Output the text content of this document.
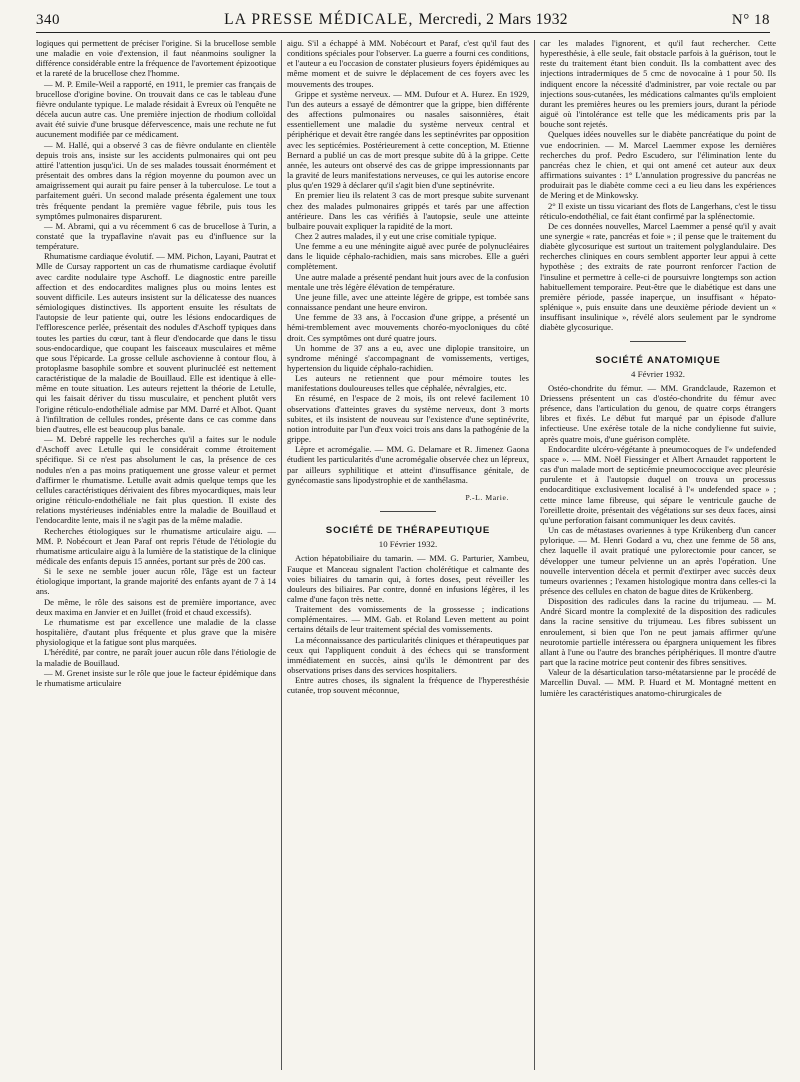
340	LA PRESSE MÉDICALE, Mercredi, 2 Mars 1932	N° 18

logiques qui permettent de préciser l'origine. Si la brucellose semble une maladie en voie d'extension, il faut néanmoins souligner la différence considérable entre la fréquence de l'avortement épizootique et la rareté de la brucellose chez l'homme.

— M. P. Emile-Weil a rapporté, en 1911, le premier cas français de brucellose d'origine bovine. On trouvait dans ce cas le tableau d'une fièvre ondulante typique. Le malade résidait à Evreux où l'enquête ne décela aucun autre cas. Une première injection de rhodium colloïdal avait été suivie d'une brusque défervescence, mais une rechute ne fut aucunement modifiée par ce médicament.

— M. Hallé, qui a observé 3 cas de fièvre ondulante en clientèle depuis trois ans, insiste sur les accidents pulmonaires qui ont peu attiré l'attention jusqu'ici. Un de ses malades toussait énormément et présentait des ombres dans la région moyenne du poumon avec un amaigrissement qui aurait pu faire penser à la tuberculose. Le tout a parfaitement guéri. Un second malade présenta également une toux très fréquente pendant la première vague fébrile, puis tous les symptômes pulmonaires disparurent.

— M. Abrami, qui a vu récemment 6 cas de brucellose à Turin, a constaté que la trypaflavine n'avait pas eu d'influence sur la température.

Rhumatisme cardiaque évolutif. — MM. Pichon, Layani, Pautrat et Mlle de Cursay rapportent un cas de rhumatisme cardiaque évolutif avec cardite nodulaire type Aschoff. Le diagnostic entre pareille affection et des endocardites malignes plus ou moins lentes est souvent difficile. Les auteurs insistent sur la délicatesse des nuances sémiologiques distinctives. Ils apportent ensuite les résultats de l'autopsie de leur patiente qui, outre les lésions endocardiques de l'efflorescence perlée, présentait des nodules d'Aschoff typiques dans toutes les parties du cœur, tant à fleur d'endocarde que dans le tissu sous-endocardique, que coupant les faisceaux musculaires et même que sous l'épicarde. La grosse cellule aschovienne à contour flou, à protoplasme basophile sombre et souvent plurinucléé est nettement caractéristique de la maladie de Bouillaud. Elle est identique à elle-même en toute situation. Les auteurs rejettent la théorie de Letulle, qui les faisait dériver du tissu musculaire, et penchent plutôt vers l'origine réticulo-endothéliale admise par MM. Darré et Albot. Quant à l'infiltration de cellules rondes, présente dans ce cas comme dans bien d'autres, elle est beaucoup plus banale.

— M. Debré rappelle les recherches qu'il a faites sur le nodule d'Aschoff avec Letulle qui le considérait comme étroitement spécifique. Si ce n'est pas absolument le cas, la présence de ces nodules n'en a pas moins pratiquement une grosse valeur et permet d'affirmer le rhumatisme. Letulle avait admis quelque temps que les cellules caractéristiques dérivaient des fibres myocardiques, mais leur origine réticulo-endothéliale ne fait plus question. Il existe des relations mystérieuses indéniables entre la maladie de Bouillaud et l'endocardite lente, mais il ne s'agit pas de la même maladie.

Recherches étiologiques sur le rhumatisme articulaire aigu. — MM. P. Nobécourt et Jean Paraf ont repris l'étude de l'étiologie du rhumatisme articulaire aigu à la lumière de la statistique de la clinique médicale des enfants depuis 15 années, portant sur près de 200 cas.

Si le sexe ne semble jouer aucun rôle, l'âge est un facteur étiologique important, la grande majorité des enfants ayant de 7 à 14 ans.

De même, le rôle des saisons est de première importance, avec deux maxima en Janvier et en Juillet (froid et chaud excessifs).

Le rhumatisme est par excellence une maladie de la classe hospitalière, d'autant plus fréquente et plus grave que la misère physiologique et la fatigue sont plus marquées.

L'hérédité, par contre, ne paraît jouer aucun rôle dans l'étiologie de la maladie de Bouillaud.

— M. Grenet insiste sur le rôle que joue le facteur épidémique dans le rhumatisme articulaire

aigu. S'il a échappé à MM. Nobécourt et Paraf, c'est qu'il faut des conditions spéciales pour l'observer. La guerre a fourni ces conditions, et l'auteur a eu l'occasion de constater plusieurs foyers épidémiques au même moment et de suivre le déplacement de ces foyers avec les mouvements des troupes.

Grippe et système nerveux. — MM. Dufour et A. Hurez. En 1929, l'un des auteurs a essayé de démontrer que la grippe, bien différente des affections pulmonaires ou nasales saisonnières, était essentiellement une maladie du système nerveux central et périphérique et devait être rangée dans les septinévrites par opposition avec les septicémies. Postérieurement à cette conception, M. Etienne Bernard a publié un cas de mort presque subite dû à la grippe. Cette année, les auteurs ont observé des cas de grippe impressionnants par la gravité de leurs manifestations nerveuses, ce qui les autorise encore plus qu'en 1929 à déclarer qu'il s'agit bien d'une septinévrite.

En premier lieu ils relatent 3 cas de mort presque subite survenant chez des malades pulmonaires grippés et tarés par une affection antérieure. Dans les cas vérifiés à l'autopsie, seule une atteinte bulbaire pouvait expliquer la rapidité de la mort.

Chez 2 autres malades, il y eut une crise comitiale typique.

Une femme a eu une méningite aiguë avec purée de polynucléaires dans le liquide céphalo-rachidien, mais sans microbes. Elle a guéri complètement.

Une autre malade a présenté pendant huit jours avec de la confusion mentale une très légère élévation de température.

Une jeune fille, avec une atteinte légère de grippe, est tombée sans connaissance pendant une heure environ.

Une femme de 33 ans, à l'occasion d'une grippe, a présenté un hémi-tremblement avec mouvements choréo-myocloniques du côté droit. Ces symptômes ont duré quatre jours.

Un homme de 37 ans a eu, avec une diplopie transitoire, un syndrome méningé s'accompagnant de vomissements, vertiges, hypertension du liquide céphalo-rachidien.

Les auteurs ne retiennent que pour mémoire toutes les manifestations douloureuses telles que céphalée, névralgies, etc.

En résumé, en l'espace de 2 mois, ils ont relevé facilement 10 observations d'atteintes graves du système nerveux, dont 3 morts subites, et ils insistent de nouveau sur l'existence d'une septinévrite, notion introduite par l'un d'eux voici trois ans dans la pathogénie de la grippe.

Lèpre et acromégalie. — MM. G. Delamare et R. Jimenez Gaona étudient les particularités d'une acromégalie observée chez un lépreux, par ailleurs syphilitique et atteint d'insuffisance génitale, de gynécomastie sans lipodystrophie et de xanthélasma.

P.-L. Marie.
SOCIÉTÉ DE THÉRAPEUTIQUE
10 Février 1932.

Action hépatobiliaire du tamarin. — MM. G. Parturier, Xambeu, Fauque et Manceau signalent l'action cholérétique et calmante des voies biliaires du tamarin qui, à fortes doses, peut réveiller les douleurs des biliaires. Par contre, donné en infusions légères, il les calme d'une façon très nette.

Traitement des vomissements de la grossesse ; indications complémentaires. — MM. Gab. et Roland Leven mettent au point certains détails de leur traitement spécial des vomissements.

La méconnaissance des particularités cliniques et thérapeutiques par ceux qui l'appliquent conduit à des échecs qui se transforment immédiatement en succès, ainsi qu'ils le démontrent par des observations prises dans des services hospitaliers.

Entre autres choses, ils signalent la fréquence de l'hyperesthésie cutanée, trop souvent méconnue,

car les malades l'ignorent, et qu'il faut rechercher. Cette hyperesthésie, à elle seule, fait obstacle parfois à la guérison, tout le reste du traitement étant bien conduit. Ils la combattent avec des injections intradermiques de 5 cmc de novocaïne à 1 pour 50. Ils indiquent encore la nécessité d'administrer, par voie rectale ou par injections sous-cutanées, les médications calmantes qu'ils emploient durant les premières heures ou les premiers jours, durant la période aiguë où l'intolérance est telle que les médicaments pris par la bouche sont rejetés.

Quelques idées nouvelles sur le diabète pancréatique du point de vue endocrinien. — M. Marcel Laemmer expose les dernières recherches du prof. Pedro Escudero, sur l'élimination lente du pancréas chez le chien, et qui ont amené cet auteur aux deux affirmations suivantes : 1° L'annulation progressive du pancréas ne produirait pas le diabète comme ceci a eu lieu dans les expériences de Mering et de Minkowsky.

2° Il existe un tissu vicariant des flots de Langerhans, c'est le tissu réticulo-endothélial, ce fait étant confirmé par la splénectomie.

De ces données nouvelles, Marcel Laemmer a pensé qu'il y avait une synergie « rate, pancréas et foie » ; il pense que le traitement du diabète glycosurique est surtout un traitement polyglandulaire. Des recherches cliniques en cours semblent apporter leur appui à cette hypothèse ; des extraits de rate pourront renforcer l'action de l'insuline et permettre à celle-ci de poursuivre longtemps son action habituellement temporaire. Peut-être que le diabétique est dans une première période, passée inaperçue, un insuffisant « hépato-splénique », puis ensuite dans une deuxième période devient un « insuffisant insulinique », révélé alors seulement par le syndrome diabète glycosurique.

SOCIÉTÉ ANATOMIQUE
4 Février 1932.

Ostéo-chondrite du fémur. — MM. Grandclaude, Razemon et Driessens présentent un cas d'ostéo-chondrite du fémur avec présence, dans l'articulation du genou, de quatre corps étrangers libres et fixés. Le début fut marqué par un épisode d'allure infectieuse. Une exérèse totale de la niche condylienne fut suivie, après quatre mois, d'une guérison complète.

Endocardite ulcéro-végétante à pneumocoques de l'« undefended space ». — MM. Noël Fiessinger et Albert Arnaudet rapportent le cas d'un malade mort de septicémie pneumococcique avec pleurésie purulente et à l'autopsie duquel on trouva un processus endocarditique exclusivement localisé à l'« undefended space » ; cette mince lame fibreuse, qui sépare le ventricule gauche de l'oreillette droite, présentait des végétations sur ses deux faces, ainsi qu'une perforation faisant communiquer les deux cavités.

Un cas de métastases ovariennes à type Krükenberg d'un cancer pylorique. — M. Henri Godard a vu, chez une femme de 58 ans, chez laquelle il avait pratiqué une pylorectomie pour cancer, se développer une tumeur pelvienne un an après l'opération. Une nouvelle intervention décela et permit d'extirper avec succès deux tumeurs ovariennes ; l'examen histologique montra dans celles-ci la présence des cellules en chaton de bague dites de Krükenberg.

Disposition des radicules dans la racine du trijumeau. — M. André Sicard montre la complexité de la disposition des radicules dans la racine sensitive du trijumeau. Les fibres subissent un enroulement, si bien que l'on ne peut jamais affirmer qu'une neurotomie partielle intéressera ou épargnera uniquement les fibres allant à l'une ou l'autre des branches périphériques. Il montre d'autre part que la racine motrice peut contenir des fibres sensitives.

Valeur de la désarticulation tarso-métatarsienne par le procédé de Marcellin Duval. — MM. P. Huard et M. Montagné mettent en lumière les caractéristiques anatomo-chirurgicales de
